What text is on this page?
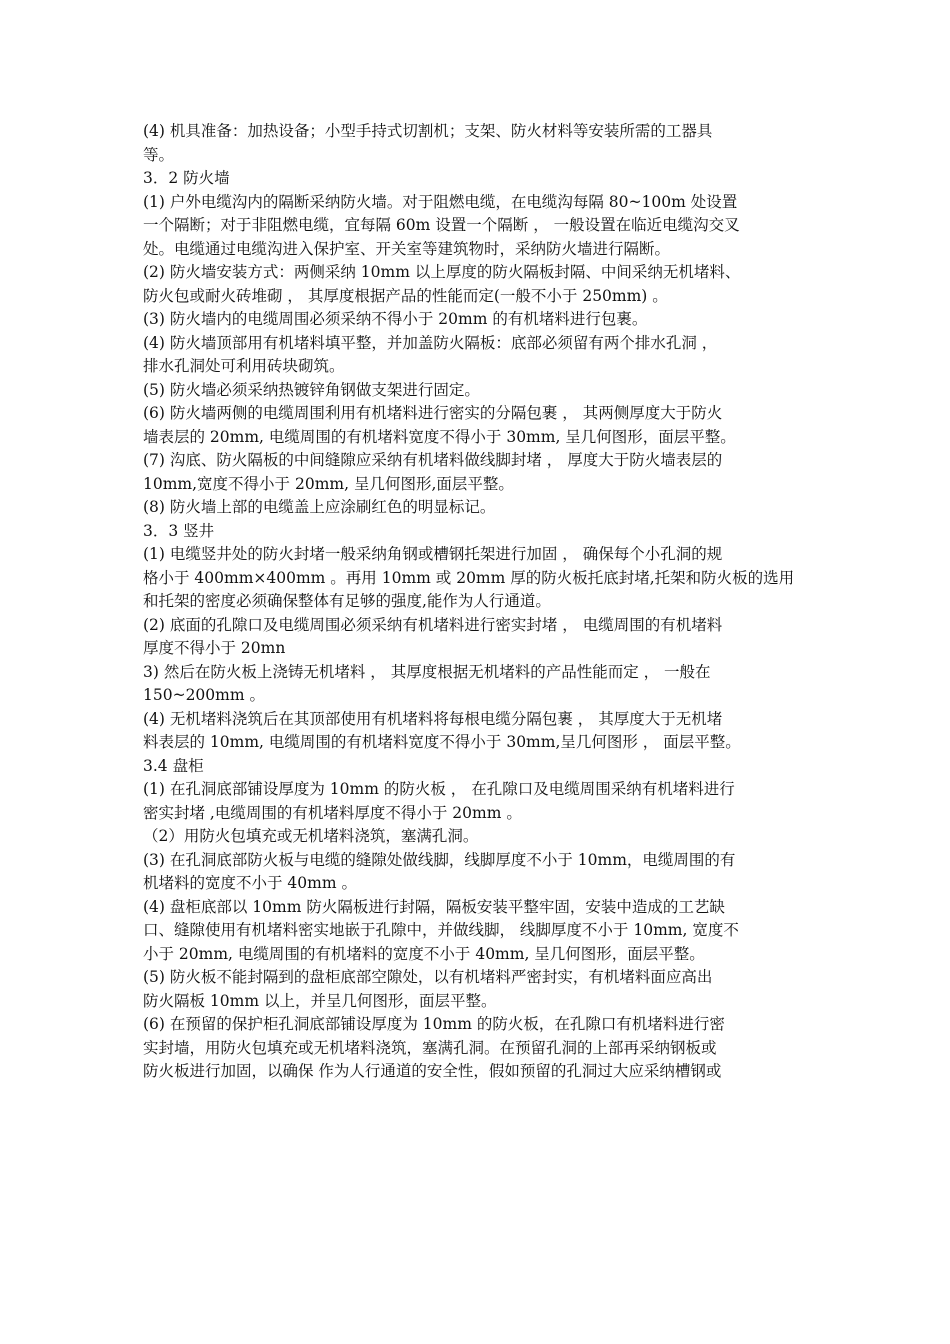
(4) 机具准备：加热设备；小型手持式切割机；支架、防火材料等安装所需的工器具
等。
3．2 防火墙
(1) 户外电缆沟内的隔断采纳防火墙。对于阻燃电缆，在电缆沟每隔 80~100m 处设置
一个隔断；对于非阻燃电缆，宜每隔 60m 设置一个隔断 ， 一般设置在临近电缆沟交叉
处。电缆通过电缆沟进入保护室、开关室等建筑物时，采纳防火墙进行隔断。
(2) 防火墙安装方式：两侧采纳 10mm 以上厚度的防火隔板封隔、中间采纳无机堵料、
防火包或耐火砖堆砌 ， 其厚度根据产品的性能而定(一般不小于 250mm) 。
(3) 防火墙内的电缆周围必须采纳不得小于 20mm 的有机堵料进行包裹。
(4) 防火墙顶部用有机堵料填平整，并加盖防火隔板：底部必须留有两个排水孔洞 ，
排水孔洞处可利用砖块砌筑。
(5) 防火墙必须采纳热镀锌角钢做支架进行固定。
(6) 防火墙两侧的电缆周围利用有机堵料进行密实的分隔包裹 ， 其两侧厚度大于防火
墙表层的 20mm, 电缆周围的有机堵料宽度不得小于 30mm, 呈几何图形，面层平整。
(7) 沟底、防火隔板的中间缝隙应采纳有机堵料做线脚封堵 ， 厚度大于防火墙表层的
10mm,宽度不得小于 20mm, 呈几何图形,面层平整。
(8) 防火墙上部的电缆盖上应涂刷红色的明显标记。
3．3 竖井
(1) 电缆竖井处的防火封堵一般采纳角钢或槽钢托架进行加固 ， 确保每个小孔洞的规
格小于 400mm×400mm 。再用 10mm 或 20mm 厚的防火板托底封堵,托架和防火板的选用
和托架的密度必须确保整体有足够的强度,能作为人行通道。
(2) 底面的孔隙口及电缆周围必须采纳有机堵料进行密实封堵 ， 电缆周围的有机堵料
厚度不得小于 20mn
3) 然后在防火板上浇铸无机堵料 ， 其厚度根据无机堵料的产品性能而定 ， 一般在
150~200mm 。
(4) 无机堵料浇筑后在其顶部使用有机堵料将每根电缆分隔包裹 ， 其厚度大于无机堵
料表层的 10mm, 电缆周围的有机堵料宽度不得小于 30mm,呈几何图形 ， 面层平整。
3.4 盘柜
(1) 在孔洞底部铺设厚度为 10mm 的防火板 ， 在孔隙口及电缆周围采纳有机堵料进行
密实封堵 ,电缆周围的有机堵料厚度不得小于 20mm 。
（2）用防火包填充或无机堵料浇筑，塞满孔洞。
(3) 在孔洞底部防火板与电缆的缝隙处做线脚，线脚厚度不小于 10mm，电缆周围的有
机堵料的宽度不小于 40mm 。
(4) 盘柜底部以 10mm 防火隔板进行封隔，隔板安装平整牢固，安装中造成的工艺缺
口、缝隙使用有机堵料密实地嵌于孔隙中，并做线脚， 线脚厚度不小于 10mm, 宽度不
小于 20mm, 电缆周围的有机堵料的宽度不小于 40mm, 呈几何图形，面层平整。
(5) 防火板不能封隔到的盘柜底部空隙处，以有机堵料严密封实，有机堵料面应高出
防火隔板 10mm 以上，并呈几何图形，面层平整。
(6) 在预留的保护柜孔洞底部铺设厚度为 10mm 的防火板，在孔隙口有机堵料进行密
实封墙，用防火包填充或无机堵料浇筑，塞满孔洞。在预留孔洞的上部再采纳钢板或
防火板进行加固，以确保 作为人行通道的安全性，假如预留的孔洞过大应采纳槽钢或
